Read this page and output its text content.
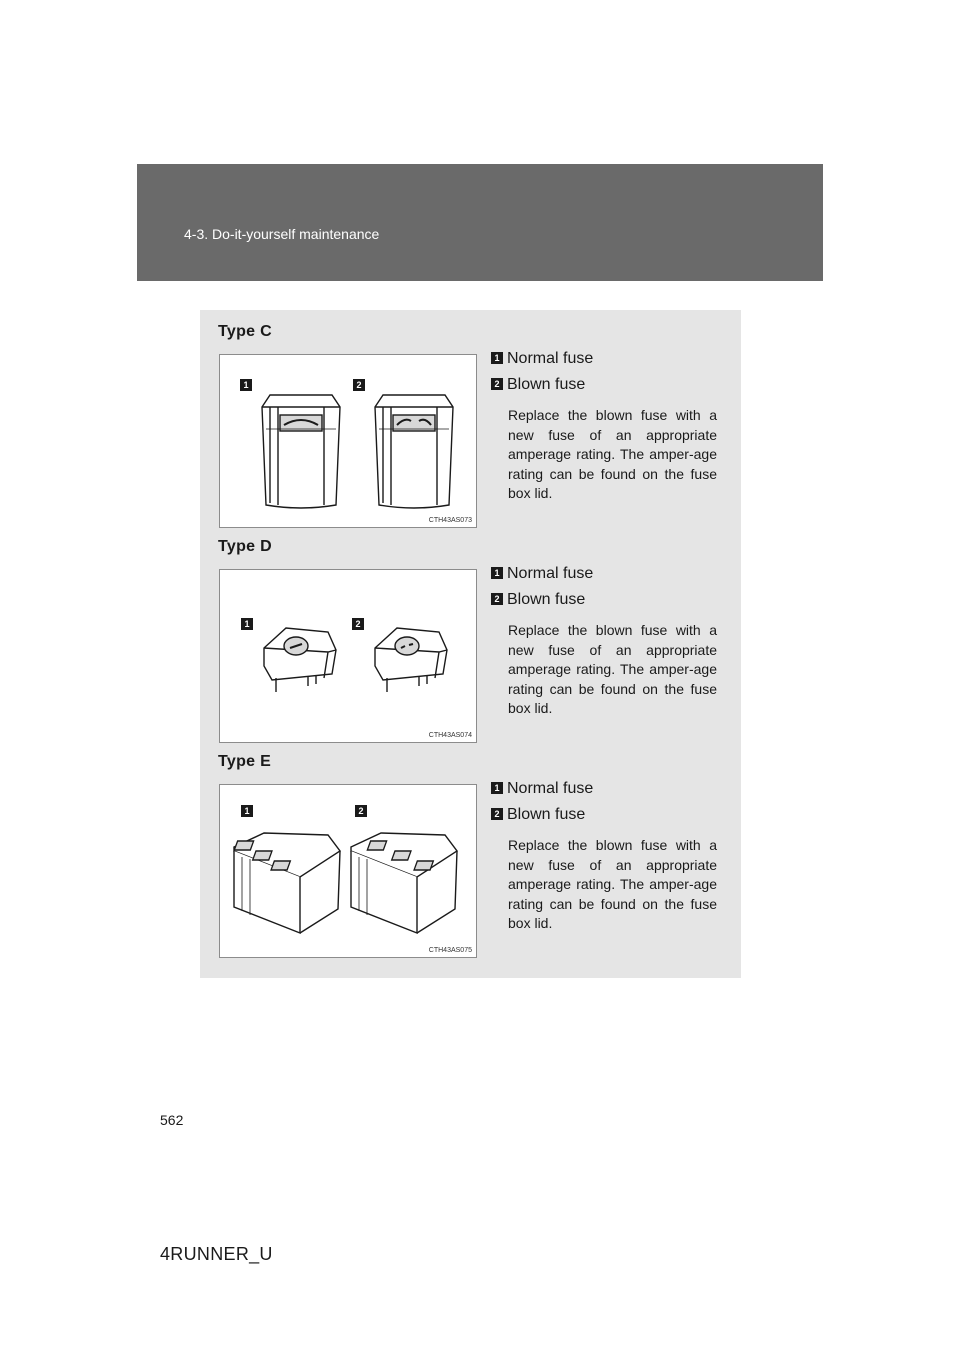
4-3. Do-it-yourself maintenance
Type C
1	2
CTH43AS073
1 Normal fuse
2 Blown fuse
Replace the blown fuse with a new fuse of an appropriate amperage rating. The amper-age rating can be found on the fuse box lid.
Type D
1	2
CTH43AS074
1 Normal fuse
2 Blown fuse
Replace the blown fuse with a new fuse of an appropriate amperage rating. The amper-age rating can be found on the fuse box lid.
Type E
1	2
CTH43AS075
1 Normal fuse
2 Blown fuse
Replace the blown fuse with a new fuse of an appropriate amperage rating. The amper-age rating can be found on the fuse box lid.
562
4RUNNER_U
